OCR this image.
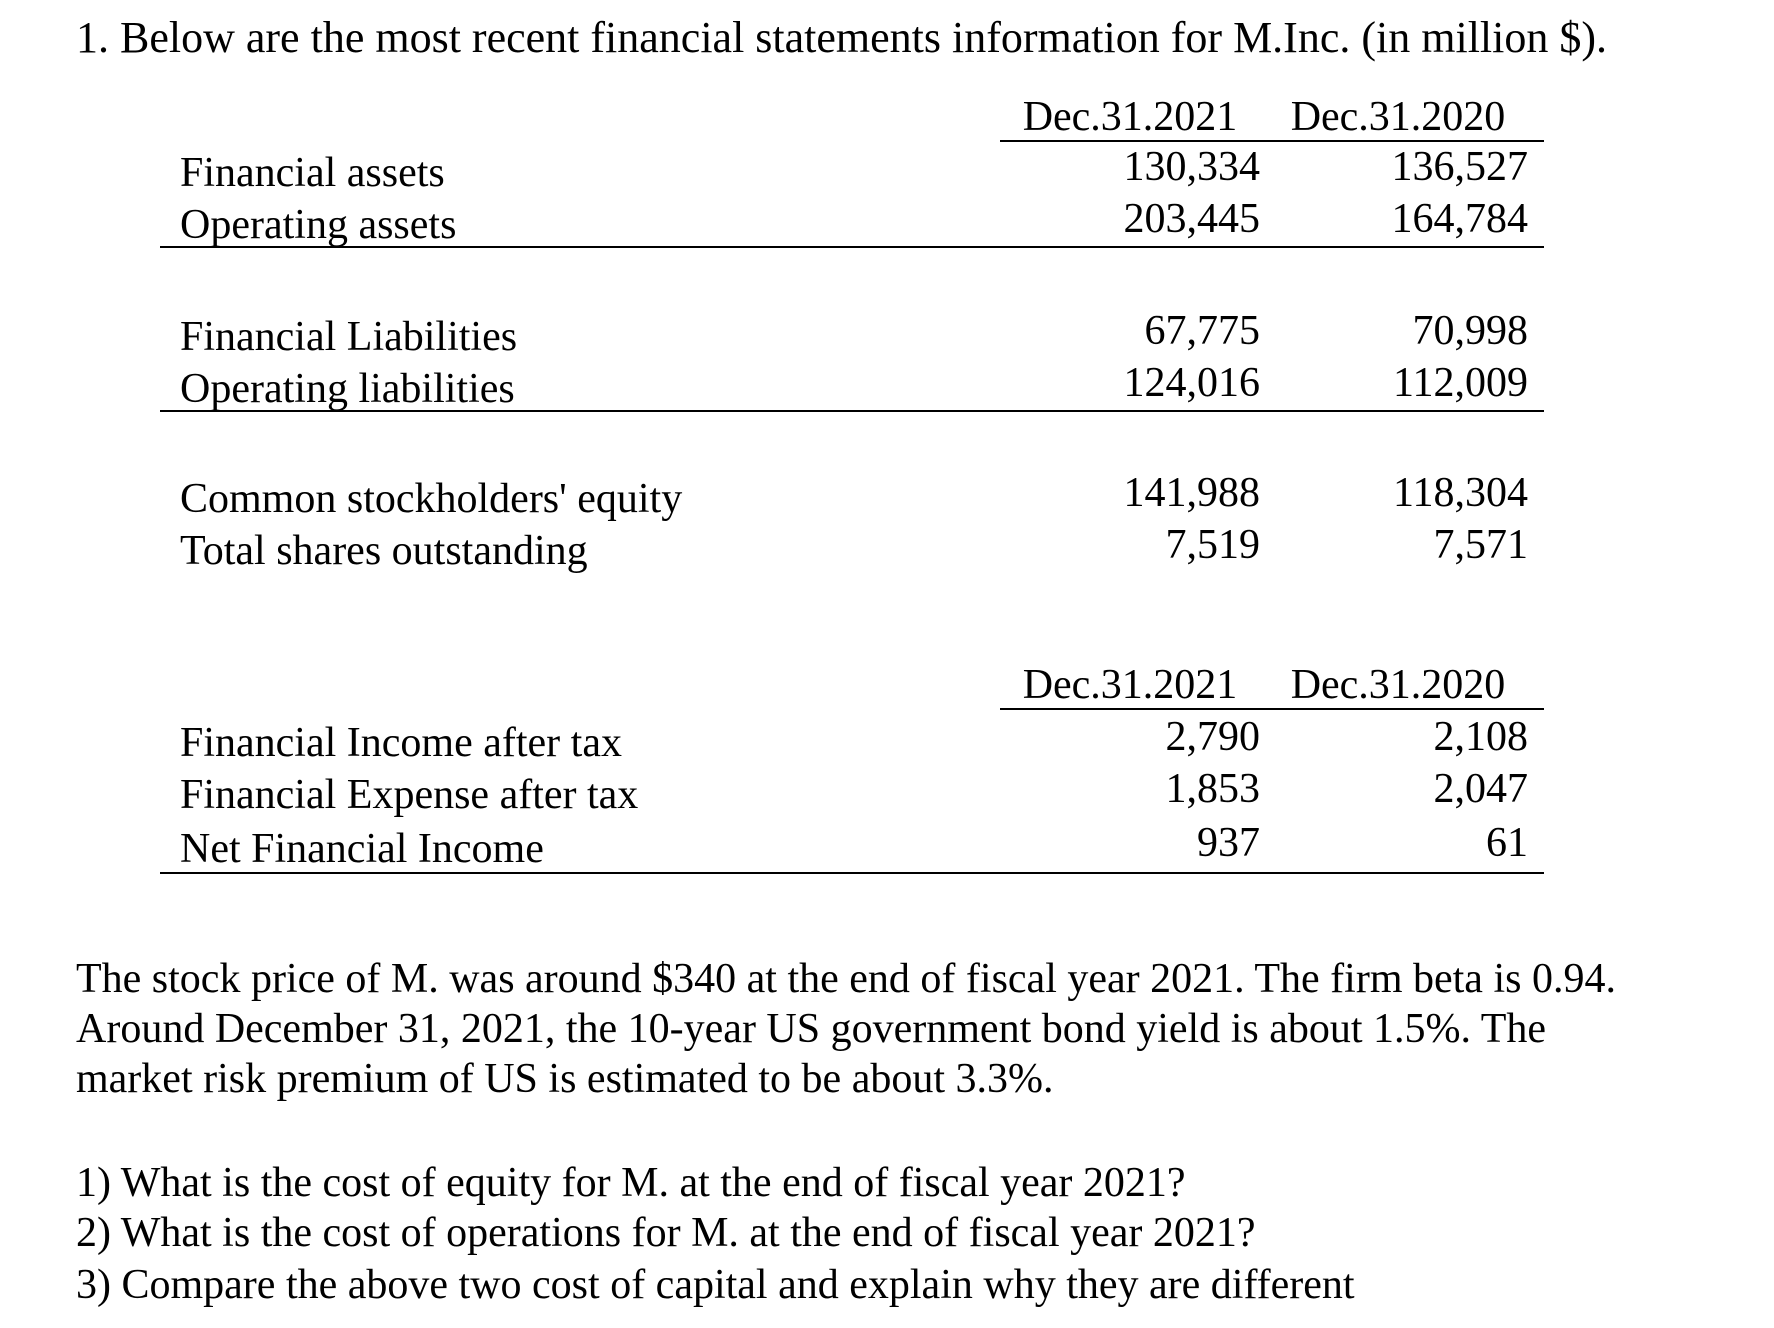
1. Below are the most recent financial statements information for M.Inc. (in million $).
Dec.31.2021	Dec.31.2020
Financial assets	130,334	136,527
Operating assets	203,445	164,784
Financial Liabilities	67,775	70,998
Operating liabilities	124,016	112,009
Common stockholders' equity	141,988	118,304
Total shares outstanding	7,519	7,571
Dec.31.2021	Dec.31.2020
Financial Income after tax	2,790	2,108
Financial Expense after tax	1,853	2,047
Net Financial Income	937	61
The stock price of M. was around $340 at the end of fiscal year 2021. The firm beta is 0.94.
Around December 31, 2021, the 10-year US government bond yield is about 1.5%. The
market risk premium of US is estimated to be about 3.3%.
1) What is the cost of equity for M. at the end of fiscal year 2021?
2) What is the cost of operations for M. at the end of fiscal year 2021?
3) Compare the above two cost of capital and explain why they are different
